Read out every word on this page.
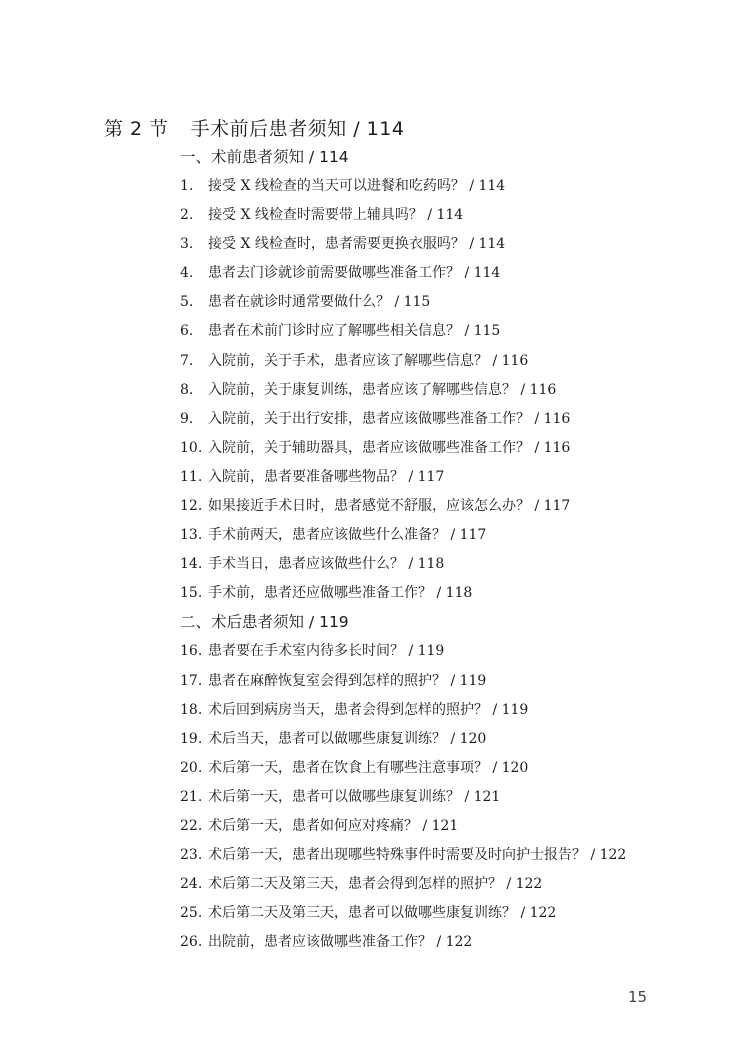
第 2 节 手术前后患者须知 / 114
一、术前患者须知 / 114
1.	接受 X 线检查的当天可以进餐和吃药吗？ / 114
2.	接受 X 线检查时需要带上辅具吗？ / 114
3.	接受 X 线检查时，患者需要更换衣服吗？ / 114
4.	患者去门诊就诊前需要做哪些准备工作？ / 114
5.	患者在就诊时通常要做什么？ / 115
6.	患者在术前门诊时应了解哪些相关信息？ / 115
7.	入院前，关于手术，患者应该了解哪些信息？ / 116
8.	入院前，关于康复训练，患者应该了解哪些信息？ / 116
9.	入院前，关于出行安排，患者应该做哪些准备工作？ / 116
10. 入院前，关于辅助器具，患者应该做哪些准备工作？ / 116
11. 入院前，患者要准备哪些物品？ / 117
12. 如果接近手术日时，患者感觉不舒服，应该怎么办？ / 117
13. 手术前两天，患者应该做些什么准备？ / 117
14. 手术当日，患者应该做些什么？ / 118
15. 手术前，患者还应做哪些准备工作？ / 118
二、术后患者须知 / 119
16. 患者要在手术室内待多长时间？ / 119
17. 患者在麻醉恢复室会得到怎样的照护？ / 119
18. 术后回到病房当天，患者会得到怎样的照护？ / 119
19. 术后当天，患者可以做哪些康复训练？ / 120
20. 术后第一天，患者在饮食上有哪些注意事项？ / 120
21. 术后第一天，患者可以做哪些康复训练？ / 121
22. 术后第一天，患者如何应对疼痛？ / 121
23. 术后第一天，患者出现哪些特殊事件时需要及时向护士报告？ / 122
24. 术后第二天及第三天，患者会得到怎样的照护？ / 122
25. 术后第二天及第三天，患者可以做哪些康复训练？ / 122
26. 出院前，患者应该做哪些准备工作？ / 122
15
